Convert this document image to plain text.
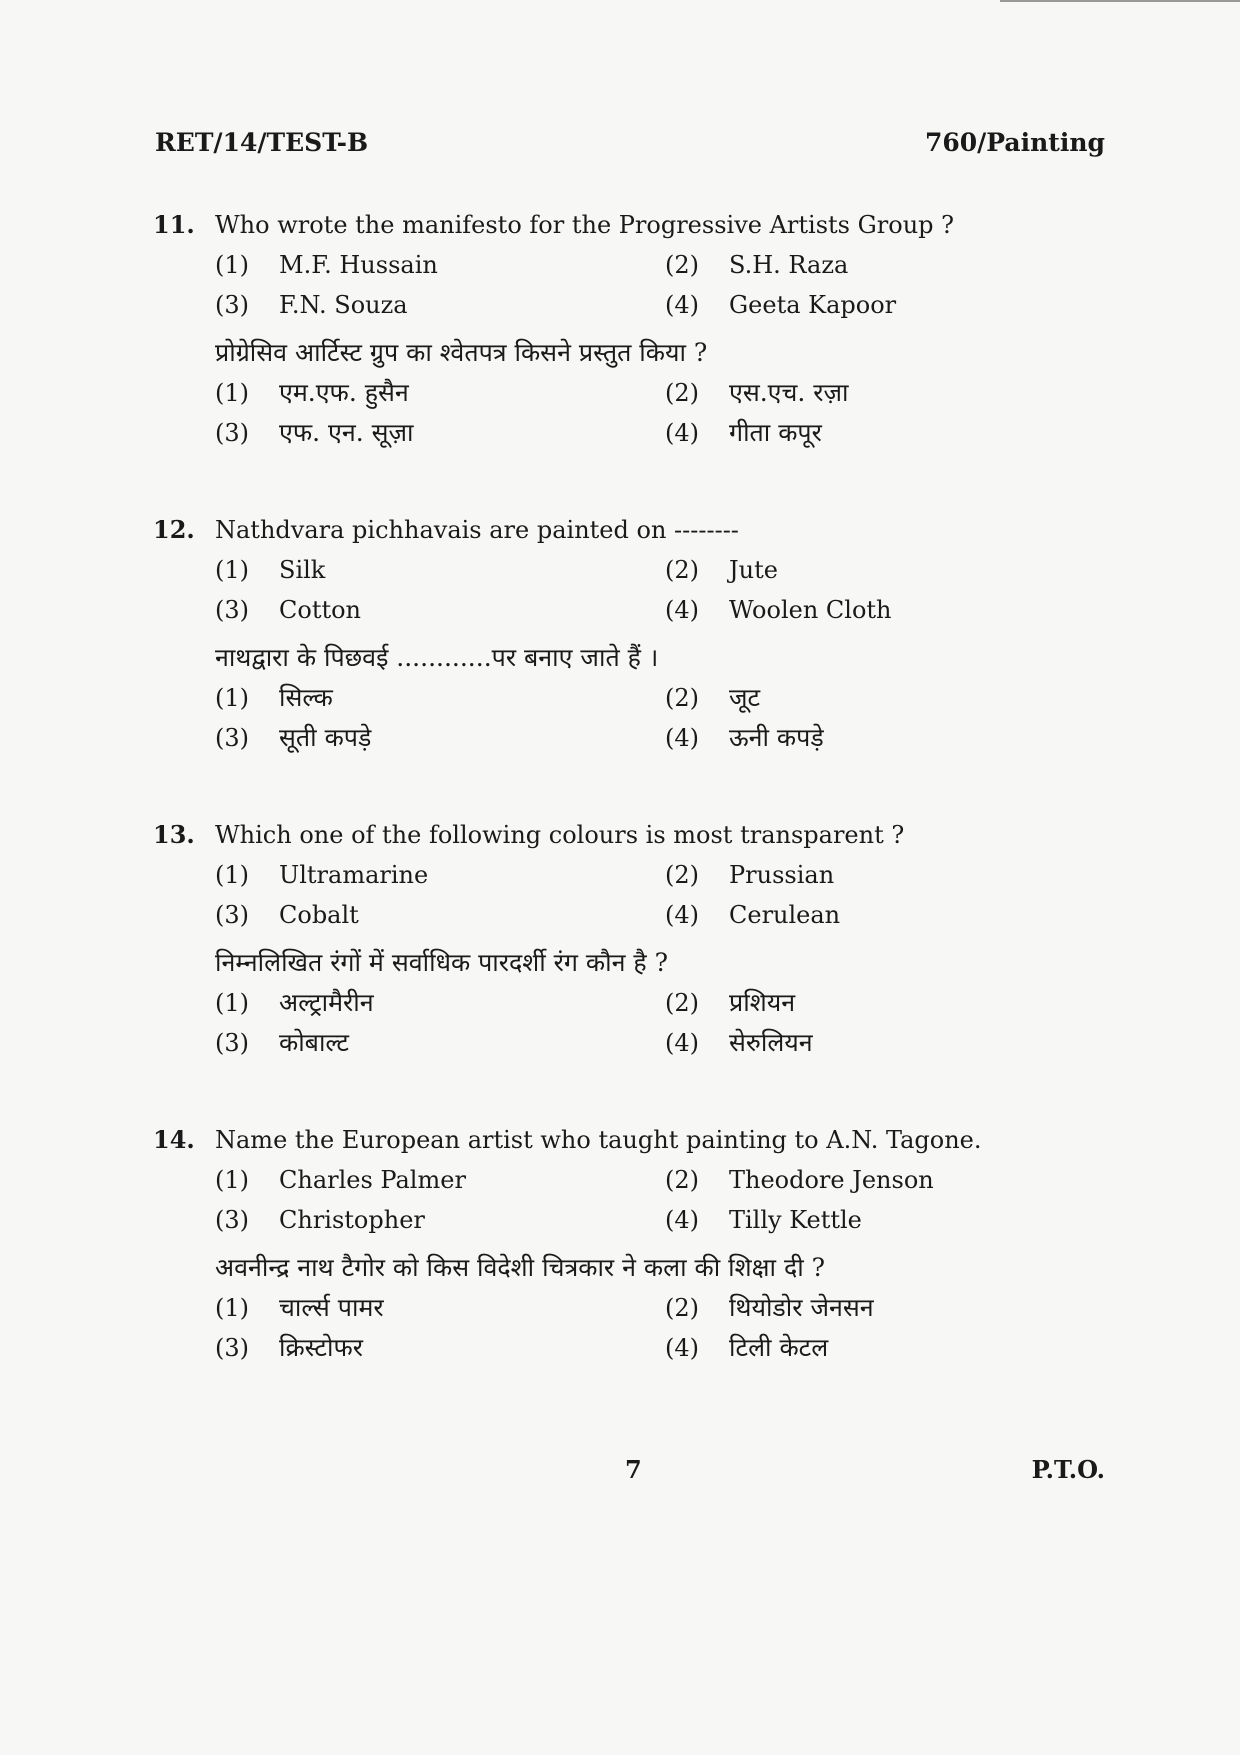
RET/14/TEST-B	760/Painting
11. Who wrote the manifesto for the Progressive Artists Group ?
(1)	M.F. Hussain	(2)	S.H. Raza
(3)	F.N. Souza	(4)	Geeta Kapoor
प्रोग्रेसिव आर्टिस्ट ग्रुप का श्वेतपत्र किसने प्रस्तुत किया ?
(1)	एम.एफ. हुसैन	(2)	एस.एच. रज़ा
(3)	एफ. एन. सूज़ा	(4)	गीता कपूर
12. Nathdvara pichhavais are painted on --------
(1)	Silk	(2)	Jute
(3)	Cotton	(4)	Woolen Cloth
नाथद्वारा के पिछवई ............पर बनाए जाते हैं ।
(1)	सिल्क	(2)	जूट
(3)	सूती कपड़े	(4)	ऊनी कपड़े
13. Which one of the following colours is most transparent ?
(1)	Ultramarine	(2)	Prussian
(3)	Cobalt	(4)	Cerulean
निम्नलिखित रंगों में सर्वाधिक पारदर्शी रंग कौन है ?
(1)	अल्ट्रामैरीन	(2)	प्रशियन
(3)	कोबाल्ट	(4)	सेरुलियन
14. Name the European artist who taught painting to A.N. Tagone.
(1)	Charles Palmer	(2)	Theodore Jenson
(3)	Christopher	(4)	Tilly Kettle
अवनीन्द्र नाथ टैगोर को किस विदेशी चित्रकार ने कला की शिक्षा दी ?
(1)	चार्ल्स पामर	(2)	थियोडोर जेनसन
(3)	क्रिस्टोफर	(4)	टिली केटल
7	P.T.O.
